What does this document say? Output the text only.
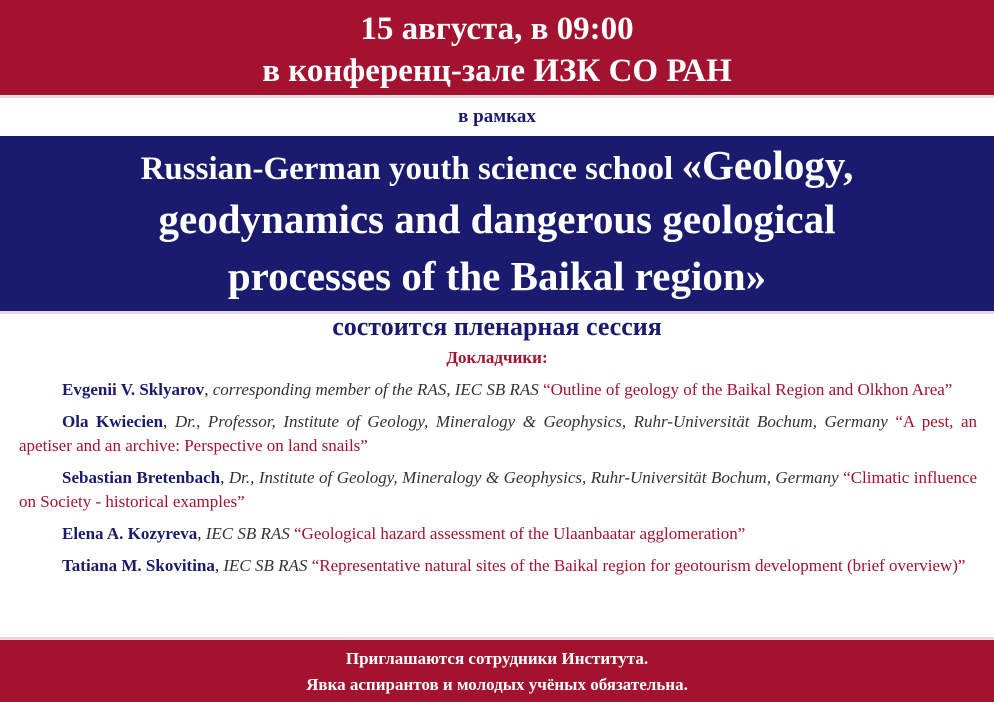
15 августа, в 09:00
в конференц-зале ИЗК СО РАН
в рамках
Russian-German youth science school «Geology,
geodynamics and dangerous geological
processes of the Baikal region»
состоится пленарная сессия
Докладчики:
Evgenii V. Sklyarov, corresponding member of the RAS, IEC SB RAS “Outline of geology of the Baikal Region and Olkhon Area”
Ola Kwiecien, Dr., Professor, Institute of Geology, Mineralogy & Geophysics, Ruhr-Universität Bochum, Germany “A pest, an apetiser and an archive: Perspective on land snails”
Sebastian Bretenbach, Dr., Institute of Geology, Mineralogy & Geophysics, Ruhr-Universität Bochum, Germany “Climatic influence on Society - historical examples”
Elena A. Kozyreva, IEC SB RAS “Geological hazard assessment of the Ulaanbaatar agglomeration”
Tatiana M. Skovitina, IEC SB RAS “Representative natural sites of the Baikal region for geotourism development (brief overview)”
Приглашаются сотрудники Института.
Явка аспирантов и молодых учёных обязательна.
